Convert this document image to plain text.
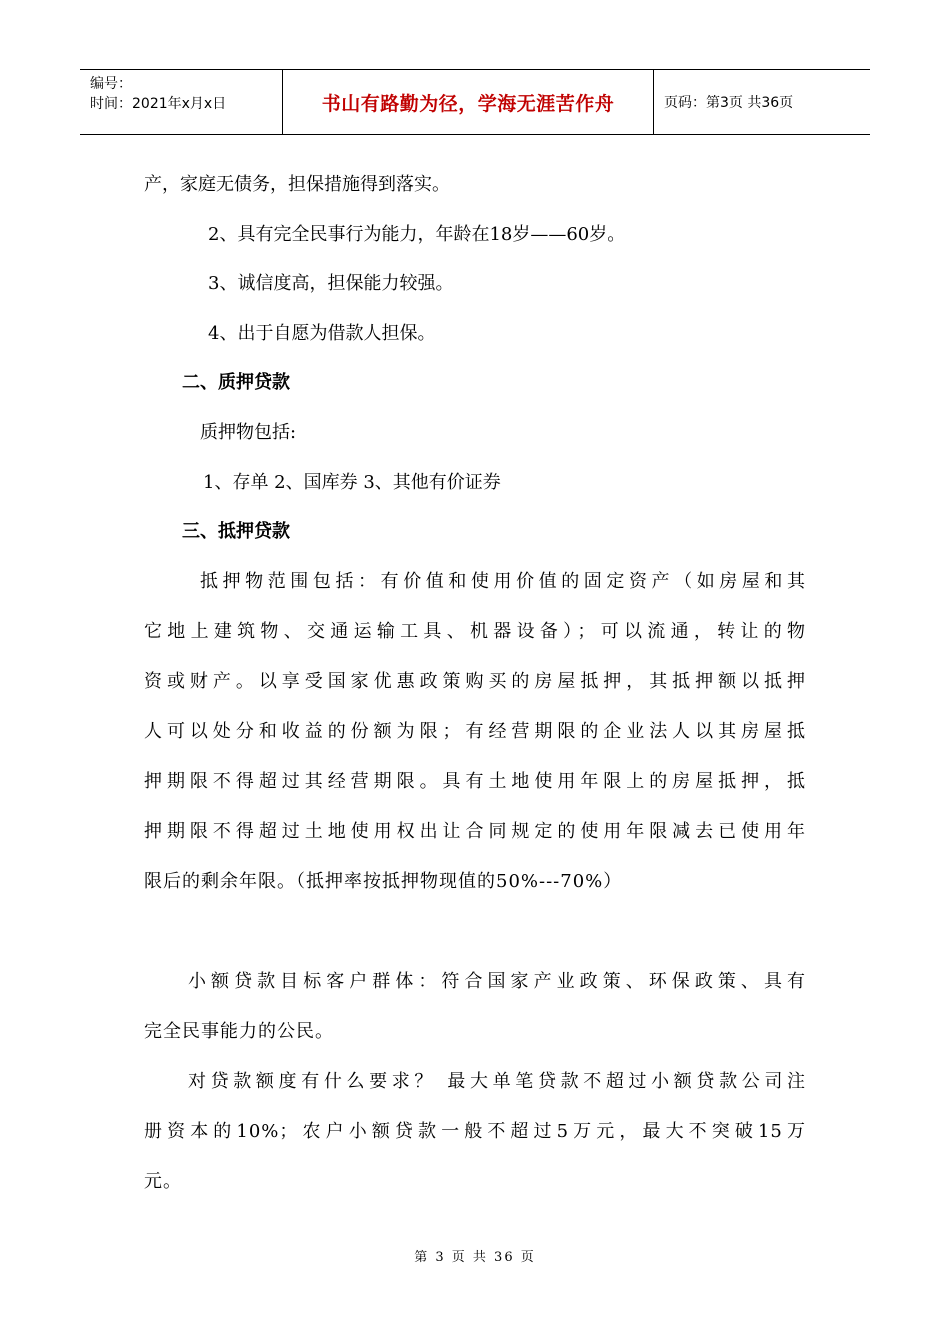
编号：
时间：2021年x月x日	书山有路勤为径，学海无涯苦作舟	页码：第3页 共36页

产，家庭无债务，担保措施得到落实。

2、具有完全民事行为能力，年龄在18岁——60岁。

3、诚信度高，担保能力较强。

4、出于自愿为借款人担保。

二、质押贷款

质押物包括:

1、存单 2、国库券 3、其他有价证券

三、抵押贷款

抵押物范围包括：有价值和使用价值的固定资产（如房屋和其

它地上建筑物、交通运输工具、机器设备）；可以流通，转让的物

资或财产。以享受国家优惠政策购买的房屋抵押，其抵押额以抵押

人可以处分和收益的份额为限；有经营期限的企业法人以其房屋抵

押期限不得超过其经营期限。具有土地使用年限上的房屋抵押，抵

押期限不得超过土地使用权出让合同规定的使用年限减去已使用年

限后的剩余年限。（抵押率按抵押物现值的50%---70%）

小额贷款目标客户群体：符合国家产业政策、环保政策、具有

完全民事能力的公民。

对贷款额度有什么要求？ 最大单笔贷款不超过小额贷款公司注

册资本的10%；农户小额贷款一般不超过5万元，最大不突破15万

元。

第 3 页 共 36 页
